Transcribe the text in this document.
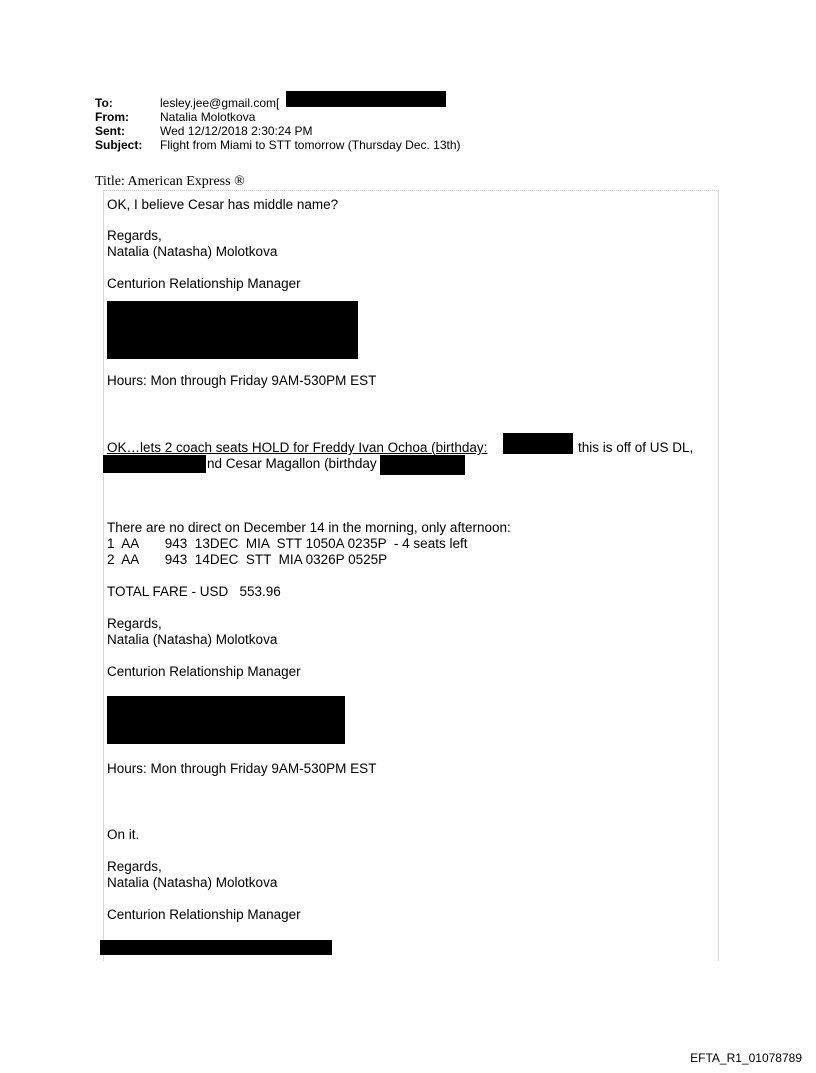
To:	lesley.jee@gmail.com[
From:	Natalia Molotkova
Sent:	Wed 12/12/2018 2:30:24 PM
Subject:	Flight from Miami to STT tomorrow (Thursday Dec. 13th)
Title: American Express ®
OK, I believe Cesar has middle name?
Regards,
Natalia (Natasha) Molotkova
Centurion Relationship Manager
Hours: Mon through Friday 9AM-530PM EST
OK…lets 2 coach seats HOLD for Freddy Ivan Ochoa (birthday:	this is off of US DL,
nd Cesar Magallon (birthday
There are no direct on December 14 in the morning, only afternoon:
1  AA       943  13DEC  MIA  STT 1050A 0235P  - 4 seats left
2  AA       943  14DEC  STT  MIA 0326P 0525P
TOTAL FARE - USD   553.96
Regards,
Natalia (Natasha) Molotkova
Centurion Relationship Manager
Hours: Mon through Friday 9AM-530PM EST
On it.
Regards,
Natalia (Natasha) Molotkova
Centurion Relationship Manager
EFTA_R1_01078789
